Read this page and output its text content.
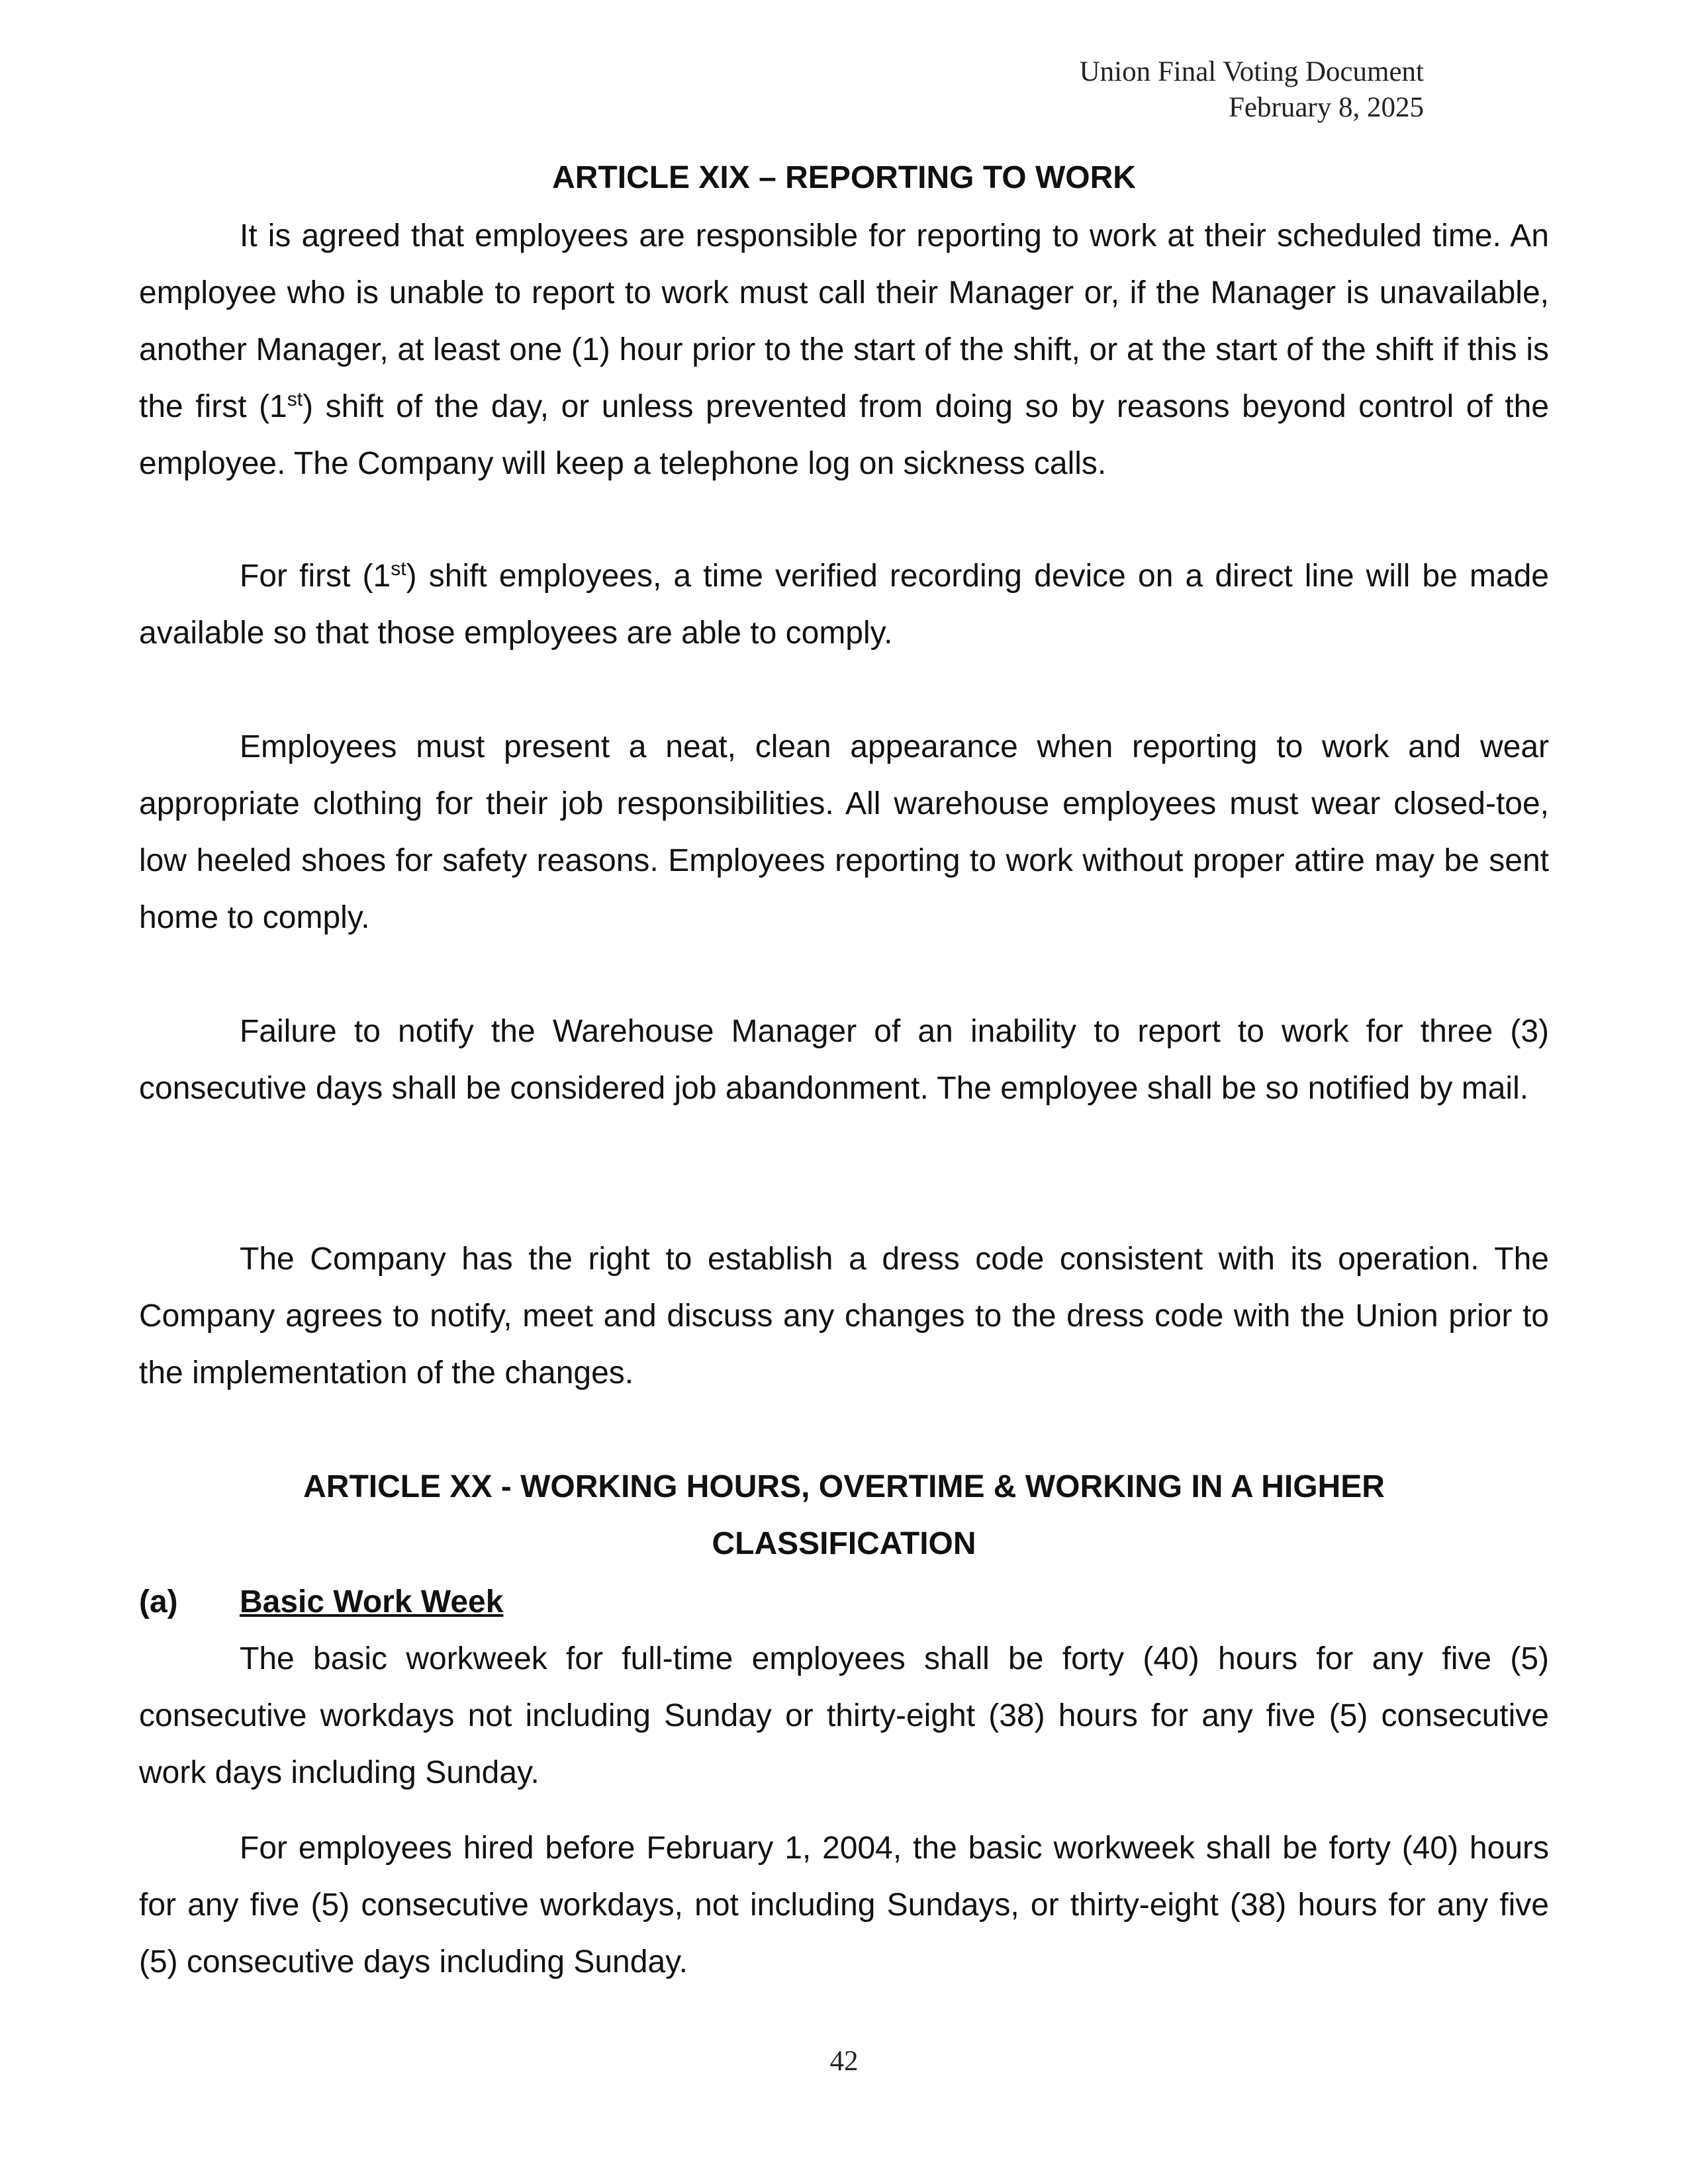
Union Final Voting Document
February 8, 2025
ARTICLE XIX – REPORTING TO WORK

It is agreed that employees are responsible for reporting to work at their scheduled time. An employee who is unable to report to work must call their Manager or, if the Manager is unavailable, another Manager, at least one (1) hour prior to the start of the shift, or at the start of the shift if this is the first (1st) shift of the day, or unless prevented from doing so by reasons beyond control of the employee. The Company will keep a telephone log on sickness calls.

For first (1st) shift employees, a time verified recording device on a direct line will be made available so that those employees are able to comply.

Employees must present a neat, clean appearance when reporting to work and wear appropriate clothing for their job responsibilities. All warehouse employees must wear closed-toe, low heeled shoes for safety reasons. Employees reporting to work without proper attire may be sent home to comply.

Failure to notify the Warehouse Manager of an inability to report to work for three (3) consecutive days shall be considered job abandonment. The employee shall be so notified by mail.

The Company has the right to establish a dress code consistent with its operation. The Company agrees to notify, meet and discuss any changes to the dress code with the Union prior to the implementation of the changes.

ARTICLE XX - WORKING HOURS, OVERTIME & WORKING IN A HIGHER
CLASSIFICATION
(a) Basic Work Week

The basic workweek for full-time employees shall be forty (40) hours for any five (5) consecutive workdays not including Sunday or thirty-eight (38) hours for any five (5) consecutive work days including Sunday.

For employees hired before February 1, 2004, the basic workweek shall be forty (40) hours for any five (5) consecutive workdays, not including Sundays, or thirty-eight (38) hours for any five (5) consecutive days including Sunday.

42
